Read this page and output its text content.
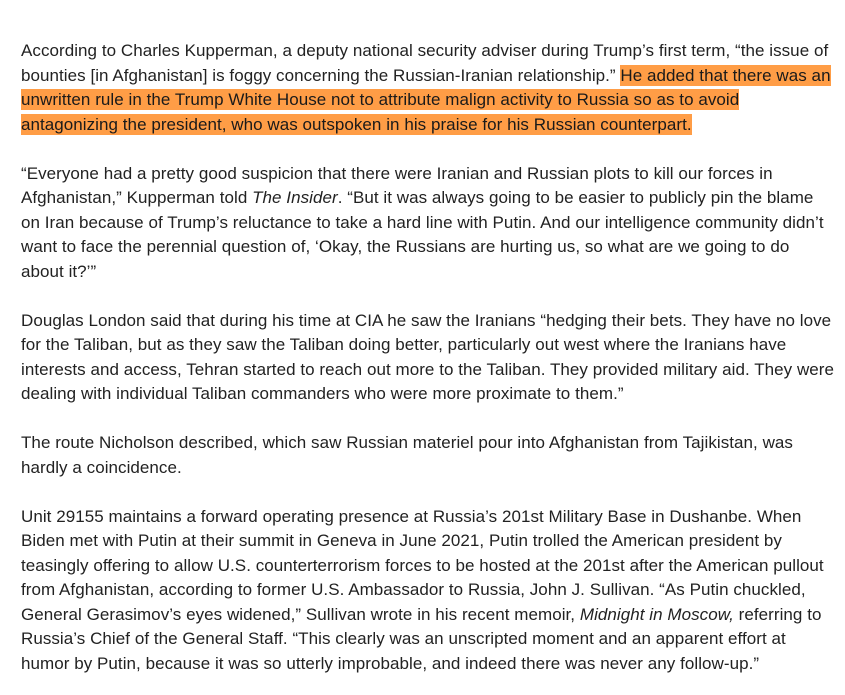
According to Charles Kupperman, a deputy national security adviser during Trump’s first term, “the issue of bounties [in Afghanistan] is foggy concerning the Russian-Iranian relationship.” He added that there was an unwritten rule in the Trump White House not to attribute malign activity to Russia so as to avoid antagonizing the president, who was outspoken in his praise for his Russian counterpart.

“Everyone had a pretty good suspicion that there were Iranian and Russian plots to kill our forces in Afghanistan,” Kupperman told The Insider. “But it was always going to be easier to publicly pin the blame on Iran because of Trump’s reluctance to take a hard line with Putin. And our intelligence community didn’t want to face the perennial question of, ‘Okay, the Russians are hurting us, so what are we going to do about it?’”

Douglas London said that during his time at CIA he saw the Iranians “hedging their bets. They have no love for the Taliban, but as they saw the Taliban doing better, particularly out west where the Iranians have interests and access, Tehran started to reach out more to the Taliban. They provided military aid. They were dealing with individual Taliban commanders who were more proximate to them.”

The route Nicholson described, which saw Russian materiel pour into Afghanistan from Tajikistan, was hardly a coincidence.

Unit 29155 maintains a forward operating presence at Russia’s 201st Military Base in Dushanbe. When Biden met with Putin at their summit in Geneva in June 2021, Putin trolled the American president by teasingly offering to allow U.S. counterterrorism forces to be hosted at the 201st after the American pullout from Afghanistan, according to former U.S. Ambassador to Russia, John J. Sullivan. “As Putin chuckled, General Gerasimov’s eyes widened,” Sullivan wrote in his recent memoir, Midnight in Moscow, referring to Russia’s Chief of the General Staff. “This clearly was an unscripted moment and an apparent effort at humor by Putin, because it was so utterly improbable, and indeed there was never any follow-up.”
